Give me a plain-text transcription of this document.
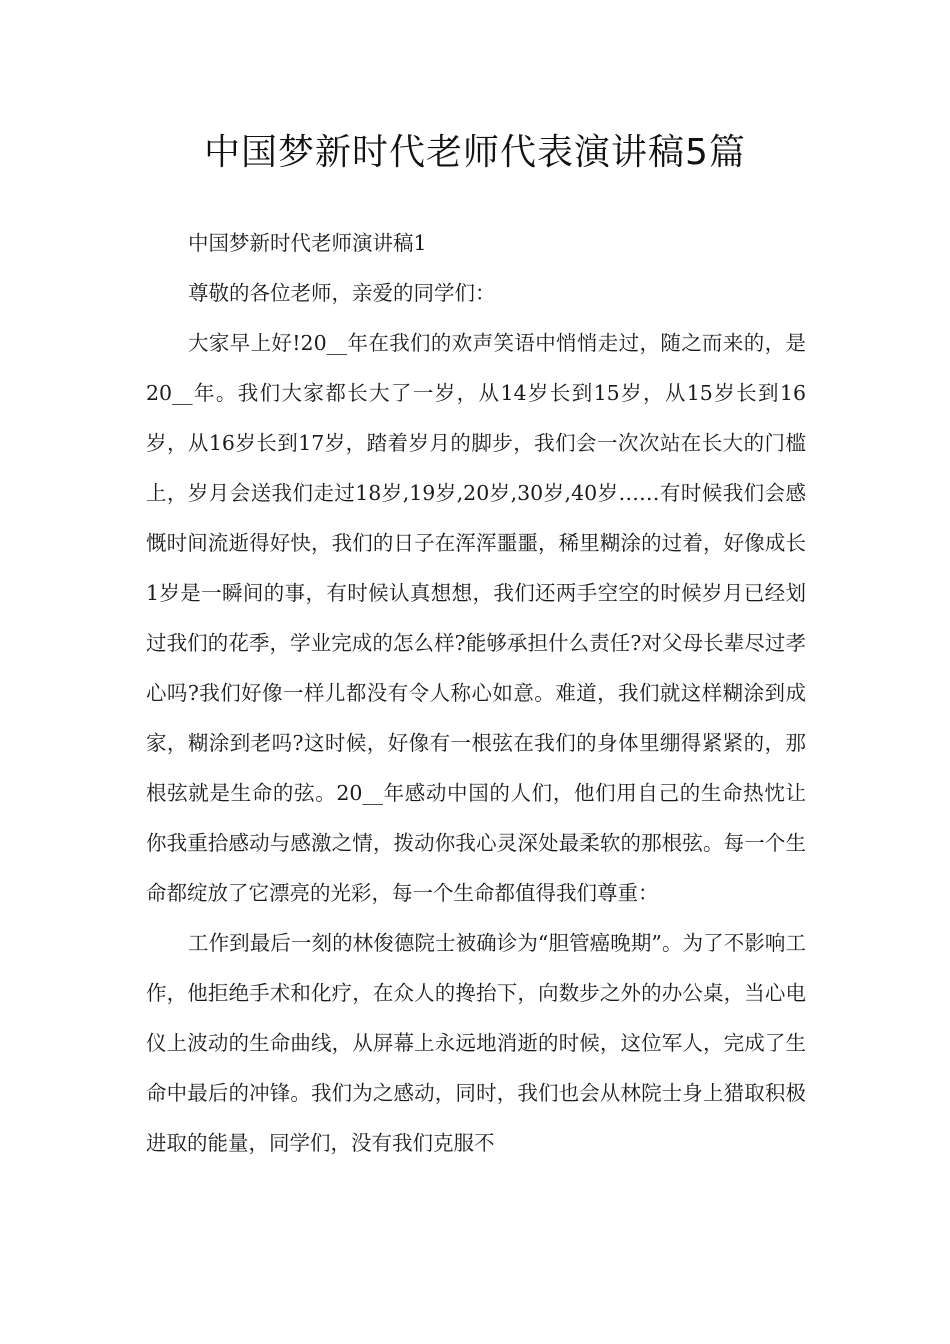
中国梦新时代老师代表演讲稿5篇

中国梦新时代老师演讲稿1

尊敬的各位老师，亲爱的同学们：

大家早上好!20__年在我们的欢声笑语中悄悄走过，随之而来的，是20__年。我们大家都长大了一岁，从14岁长到15岁，从15岁长到16岁，从16岁长到17岁，踏着岁月的脚步，我们会一次次站在长大的门槛上，岁月会送我们走过18岁,19岁,20岁,30岁,40岁……有时候我们会感慨时间流逝得好快，我们的日子在浑浑噩噩，稀里糊涂的过着，好像成长1岁是一瞬间的事，有时候认真想想，我们还两手空空的时候岁月已经划过我们的花季，学业完成的怎么样?能够承担什么责任?对父母长辈尽过孝心吗?我们好像一样儿都没有令人称心如意。难道，我们就这样糊涂到成家，糊涂到老吗?这时候，好像有一根弦在我们的身体里绷得紧紧的，那根弦就是生命的弦。20__年感动中国的人们，他们用自己的生命热忱让你我重拾感动与感激之情，拨动你我心灵深处最柔软的那根弦。每一个生命都绽放了它漂亮的光彩，每一个生命都值得我们尊重：

工作到最后一刻的林俊德院士被确诊为“胆管癌晚期”。为了不影响工作，他拒绝手术和化疗，在众人的搀抬下，向数步之外的办公桌，当心电仪上波动的生命曲线，从屏幕上永远地消逝的时候，这位军人，完成了生命中最后的冲锋。我们为之感动，同时，我们也会从林院士身上猎取积极进取的能量，同学们，没有我们克服不
